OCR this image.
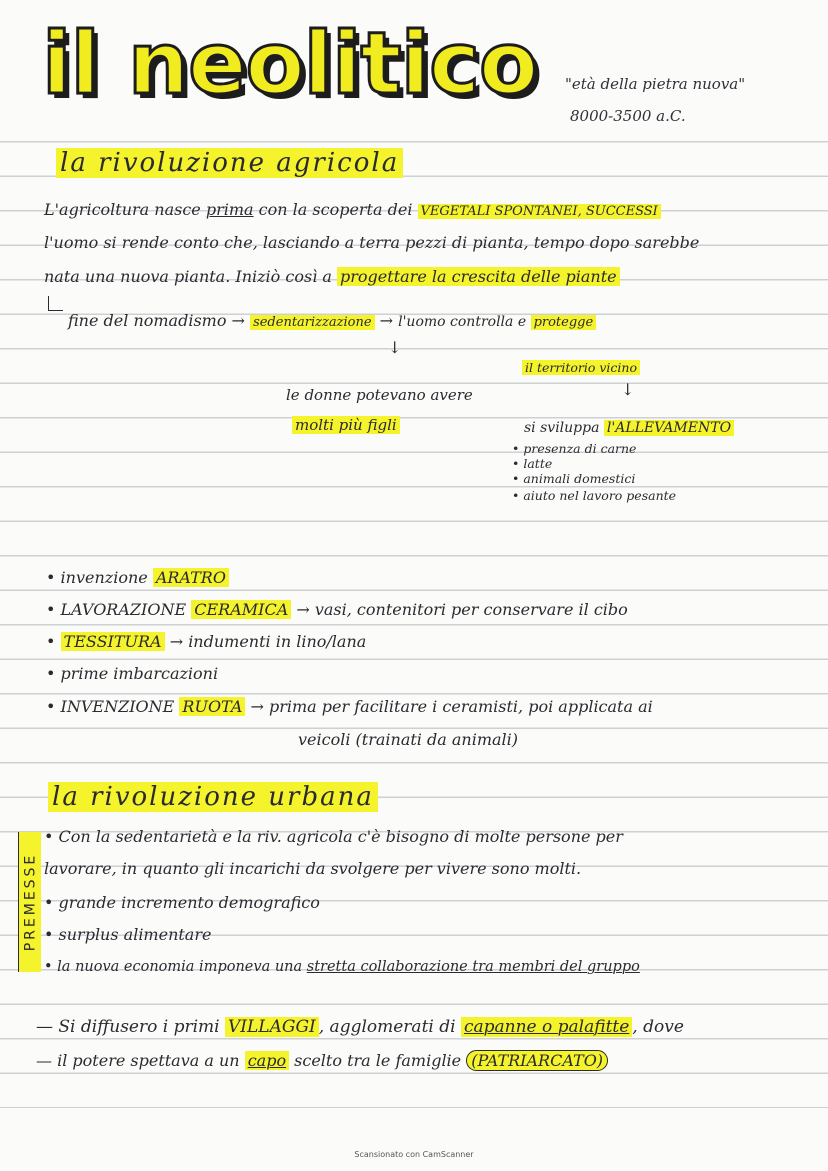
il neolitico "età della pietra nuova"
8000-3500 a.C.
la rivoluzione agricola
L'agricoltura nasce prima con la scoperta dei VEGETALI SPONTANEI, SUCCESSI
l'uomo si rende conto che, lasciando a terra pezzi di pianta, tempo dopo sarebbe
nata una nuova pianta. Iniziò così a progettare la crescita delle piante
fine del nomadismo → sedentarizzazione → l'uomo controlla e protegge
il territorio vicino
↓
↓
le donne potevano avere
molti più figli	si sviluppa l'ALLEVAMENTO
• presenza di carne
• latte
• animali domestici
• aiuto nel lavoro pesante
• invenzione ARATRO
• LAVORAZIONE CERAMICA → vasi, contenitori per conservare il cibo
• TESSITURA → indumenti in lino/lana
• prime imbarcazioni
• INVENZIONE RUOTA → prima per facilitare i ceramisti, poi applicata ai
veicoli (trainati da animali)
la rivoluzione urbana
PREMESSE
• Con la sedentarietà e la riv. agricola c'è bisogno di molte persone per
lavorare, in quanto gli incarichi da svolgere per vivere sono molti.
• grande incremento demografico
• surplus alimentare
• la nuova economia imponeva una stretta collaborazione tra membri del gruppo
— Si diffusero i primi VILLAGGI , agglomerati di capanne o palafitte , dove
— il potere spettava a un capo scelto tra le famiglie (PATRIARCATO)
Scansionato con CamScanner
